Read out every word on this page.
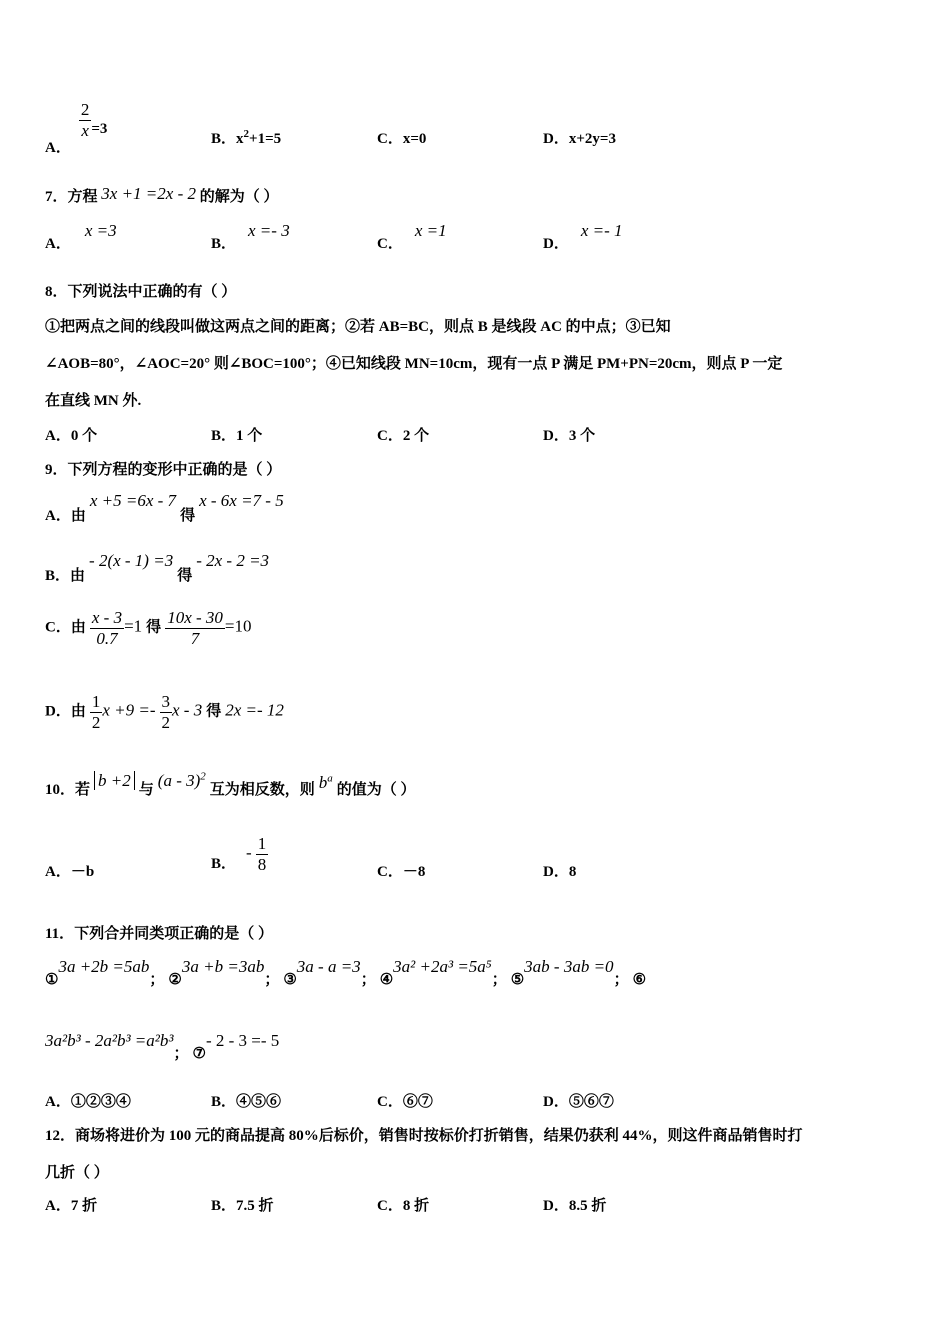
A．
$\frac{2}{x} =3$
B．$x^2+1=5$	C．x=0	D．x+2y=3
7．方程 3x +1 =2x - 2 的解为（ ）
A． x =3
B． x =- 3
C． x =1
D． x =- 1
8．下列说法中正确的有（ ）
①把两点之间的线段叫做这两点之间的距离；②若 AB=BC，则点 B 是线段 AC 的中点；③已知
∠AOB=80°，∠AOC=20° 则∠BOC=100°；④已知线段 MN=10cm，现有一点 P 满足 PM+PN=20cm，则点 P 一定
在直线 MN 外.
A．0 个	B．1 个	C．2 个	D．3 个
9．下列方程的变形中正确的是（ ）
A．由 x +5 =6x - 7 得 x - 6x =7 - 5
B．由 - 2(x - 1) =3 得 - 2x - 2 =3
C．由 $\frac{x - 3}{0.7} =1$ 得 $\frac{10x - 30}{7} =10$
D．由 $\frac{1}{2}$ $x +9 =- \frac{3}{2}$ x - 3 得 2x =- 12
10．若 b +2 与 (a - 3)$^2$ 互为相反数，则 $b^a$ 的值为（ ）
A．－b
B． - $\frac{1}{8}$	C．－8	D．8
11．下列合并同类项正确的是（ ）
①3a +2b =5ab； ②3a +b =3ab； ③3a - a =3； ④3a² +2a³ =5a⁵； ⑤3ab - 3ab =0； ⑥
3a²b³ - 2a²b³ =a²b³； ⑦- 2 - 3 =- 5
A．①②③④	B．④⑤⑥	C．⑥⑦	D．⑤⑥⑦
12．商场将进价为 100 元的商品提高 80%后标价，销售时按标价打折销售，结果仍获利 44%，则这件商品销售时打
几折（ ）
A．7 折	B．7.5 折	C．8 折	D．8.5 折
